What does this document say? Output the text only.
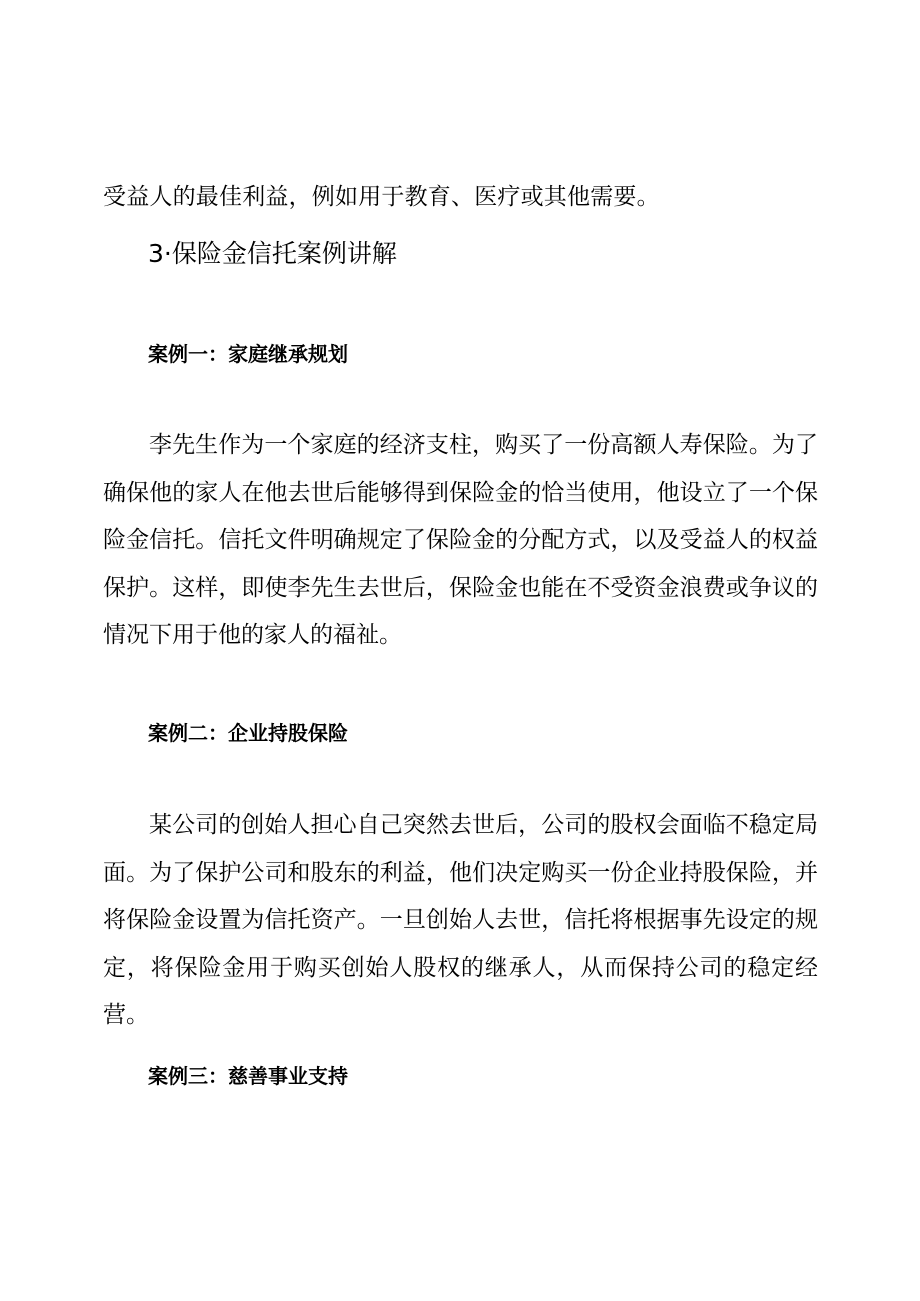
受益人的最佳利益，例如用于教育、医疗或其他需要。
3·保险金信托案例讲解
案例一：家庭继承规划
李先生作为一个家庭的经济支柱，购买了一份高额人寿保险。为了确保他的家人在他去世后能够得到保险金的恰当使用，他设立了一个保险金信托。信托文件明确规定了保险金的分配方式，以及受益人的权益保护。这样，即使李先生去世后，保险金也能在不受资金浪费或争议的情况下用于他的家人的福祉。
案例二：企业持股保险
某公司的创始人担心自己突然去世后，公司的股权会面临不稳定局面。为了保护公司和股东的利益，他们决定购买一份企业持股保险，并将保险金设置为信托资产。一旦创始人去世，信托将根据事先设定的规定，将保险金用于购买创始人股权的继承人，从而保持公司的稳定经营。
案例三：慈善事业支持
